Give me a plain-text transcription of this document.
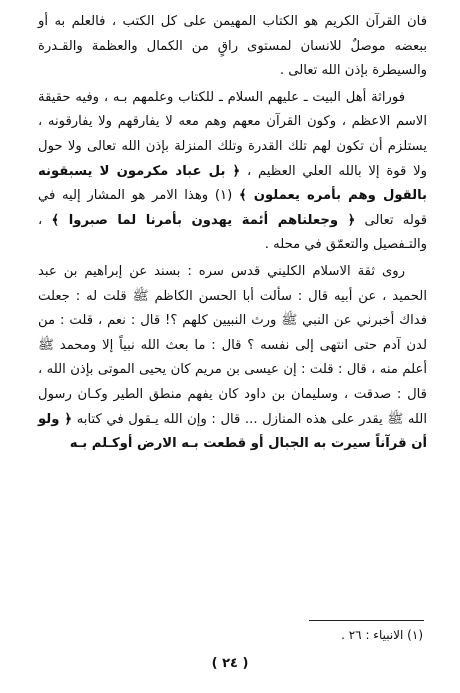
فان القرآن الكريم هو الكتاب المهيمن على كل الكتب ، فالعلم به أو ببعضه موصلٌ للانسان لمستوى راقٍ من الكمال والعظمة والقـدرة والسيطرة بإذن الله تعالى .

فوراثة أهل البيت ـ عليهم السلام ـ للكتاب وعلمهم بـه ، وفيه حقيقة الاسم الاعظم ، وكون القرآن معهم وهم معه لا يفارقهم ولا يفارقونه ، يستلزم أن تكون لهم تلك القدرة وتلك المنزلة بإذن الله تعالى ولا حول ولا قوة إلا بالله العلي العظيم ، ﴿ بل عباد مكرمون لا يسبقونه بالقول وهم بأمره يعملون ﴾ (١) وهذا الامر هو المشار إليه في قوله تعالى ﴿ وجعلناهم أئمة يهدون بأمرنا لما صبروا ﴾ ، والتـفصيل والتعمّق في محله .

روى ثقة الاسلام الكليني قدس سره : بسند عن إبراهيم بن عبد الحميد ، عن أبيه قال : سألت أبا الحسن الكاظم ﷺ قلت له : جعلت فداك أخبرني عن النبي ﷺ ورث النبيين كلهم ؟! قال : نعم ، قلت : من لدن آدم حتى انتهى إلى نفسه ؟ قال : ما بعث الله نبياً إلا ومحمد ﷺ أعلم منه ، قال : قلت : إن عيسى بن مريم كان يحيى الموتى بإذن الله ، قال : صدقت ، وسليمان بن داود كان يفهم منطق الطير وكـان رسول الله ﷺ يقدر على هذه المنازل ... قال : وإن الله يـقول في كتابه ﴿ ولو أن قرآناً سيرت به الجبال أو قطعت بـه الارض أوكـلم بـه

(١) الانبياء : ٢٦ .
( ٢٤ )
